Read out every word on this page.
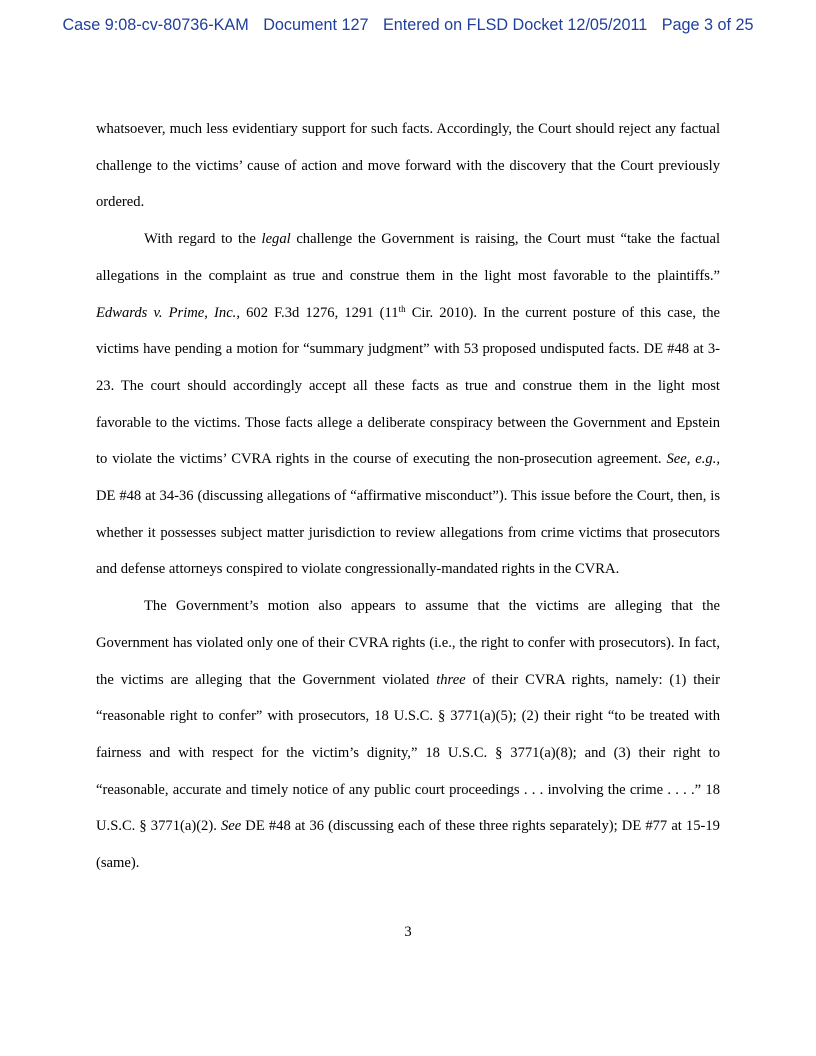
Case 9:08-cv-80736-KAM Document 127 Entered on FLSD Docket 12/05/2011 Page 3 of 25

whatsoever, much less evidentiary support for such facts. Accordingly, the Court should reject any factual challenge to the victims’ cause of action and move forward with the discovery that the Court previously ordered.

With regard to the legal challenge the Government is raising, the Court must “take the factual allegations in the complaint as true and construe them in the light most favorable to the plaintiffs.” Edwards v. Prime, Inc., 602 F.3d 1276, 1291 (11th Cir. 2010). In the current posture of this case, the victims have pending a motion for “summary judgment” with 53 proposed undisputed facts. DE #48 at 3-23. The court should accordingly accept all these facts as true and construe them in the light most favorable to the victims. Those facts allege a deliberate conspiracy between the Government and Epstein to violate the victims’ CVRA rights in the course of executing the non-prosecution agreement. See, e.g., DE #48 at 34-36 (discussing allegations of “affirmative misconduct”). This issue before the Court, then, is whether it possesses subject matter jurisdiction to review allegations from crime victims that prosecutors and defense attorneys conspired to violate congressionally-mandated rights in the CVRA.

The Government’s motion also appears to assume that the victims are alleging that the Government has violated only one of their CVRA rights (i.e., the right to confer with prosecutors). In fact, the victims are alleging that the Government violated three of their CVRA rights, namely: (1) their “reasonable right to confer” with prosecutors, 18 U.S.C. § 3771(a)(5); (2) their right “to be treated with fairness and with respect for the victim’s dignity,” 18 U.S.C. § 3771(a)(8); and (3) their right to “reasonable, accurate and timely notice of any public court proceedings . . . involving the crime . . . .” 18 U.S.C. § 3771(a)(2). See DE #48 at 36 (discussing each of these three rights separately); DE #77 at 15-19 (same).

3
